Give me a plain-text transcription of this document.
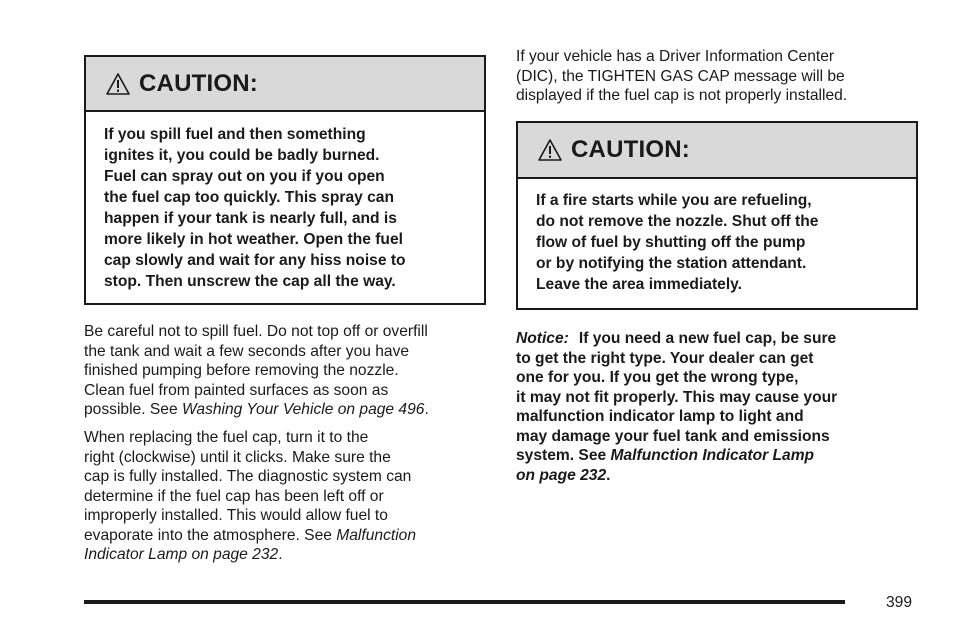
CAUTION:
If you spill fuel and then something
ignites it, you could be badly burned.
Fuel can spray out on you if you open
the fuel cap too quickly. This spray can
happen if your tank is nearly full, and is
more likely in hot weather. Open the fuel
cap slowly and wait for any hiss noise to
stop. Then unscrew the cap all the way.
Be careful not to spill fuel. Do not top off or overfill
the tank and wait a few seconds after you have
finished pumping before removing the nozzle.
Clean fuel from painted surfaces as soon as
possible. See Washing Your Vehicle on page 496.
When replacing the fuel cap, turn it to the
right (clockwise) until it clicks. Make sure the
cap is fully installed. The diagnostic system can
determine if the fuel cap has been left off or
improperly installed. This would allow fuel to
evaporate into the atmosphere. See Malfunction
Indicator Lamp on page 232.
If your vehicle has a Driver Information Center
(DIC), the TIGHTEN GAS CAP message will be
displayed if the fuel cap is not properly installed.
CAUTION:
If a fire starts while you are refueling,
do not remove the nozzle. Shut off the
flow of fuel by shutting off the pump
or by notifying the station attendant.
Leave the area immediately.
Notice: If you need a new fuel cap, be sure
to get the right type. Your dealer can get
one for you. If you get the wrong type,
it may not fit properly. This may cause your
malfunction indicator lamp to light and
may damage your fuel tank and emissions
system. See Malfunction Indicator Lamp
on page 232.
399
